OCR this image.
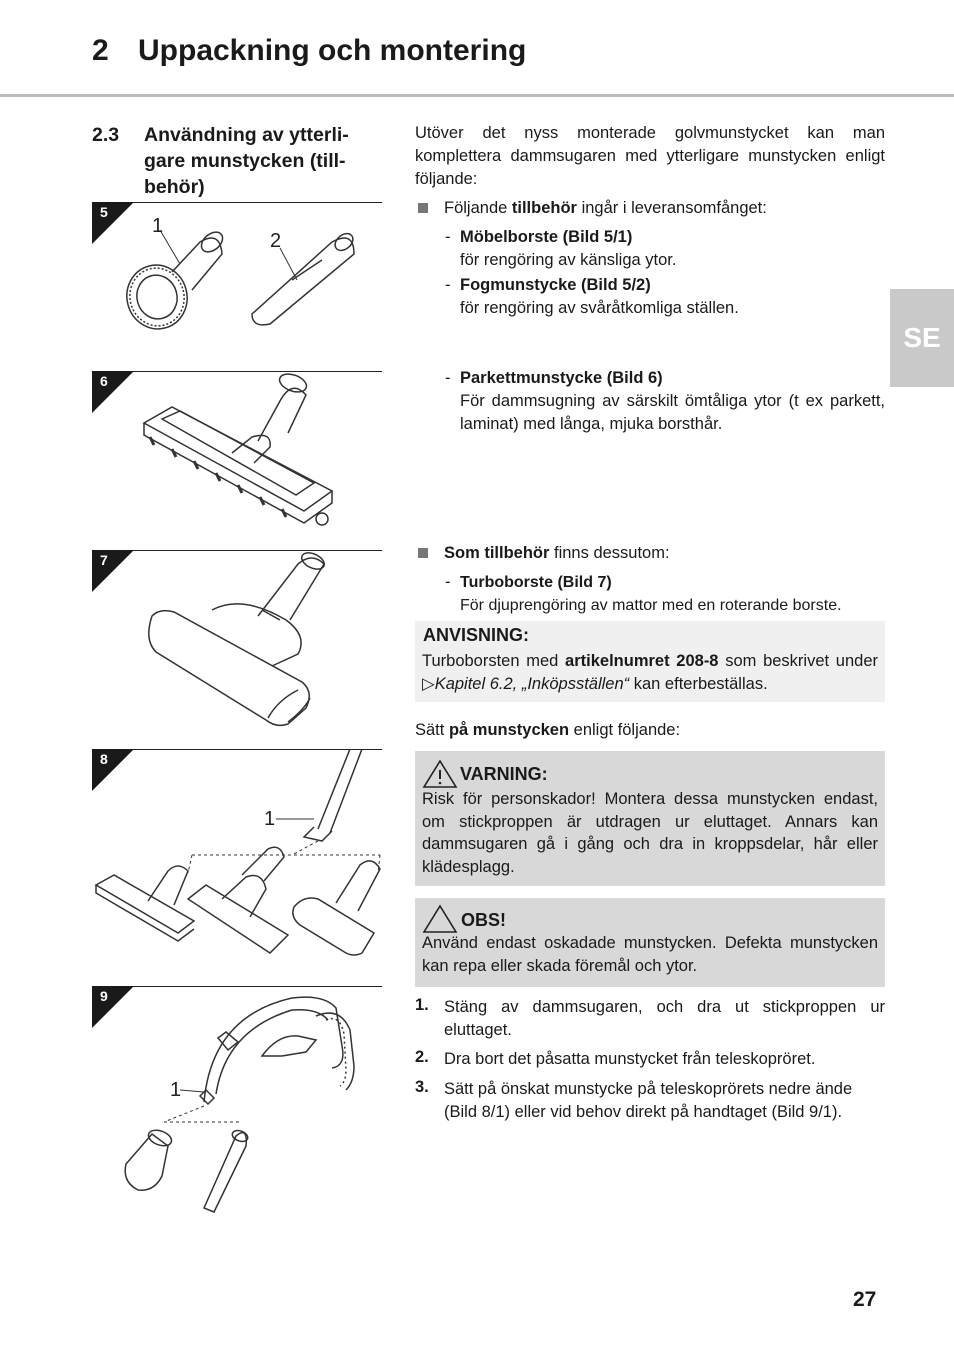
2 Uppackning och montering
SE
2.3 Användning av ytterli-
gare munstycken (till-
behör)
5
1
2
6
7
8
1
9
1
Utöver det nyss monterade golvmunstycket kan man komplettera dammsugaren med ytterligare munstycken enligt följande:
Följande tillbehör ingår i leveransomfånget:
- Möbelborste (Bild 5/1)
för rengöring av känsliga ytor.
- Fogmunstycke (Bild 5/2)
för rengöring av svåråtkomliga ställen.
- Parkettmunstycke (Bild 6)
För dammsugning av särskilt ömtåliga ytor (t ex parkett, laminat) med långa, mjuka borsthår.
Som tillbehör finns dessutom:
- Turboborste (Bild 7)
För djuprengöring av mattor med en roterande borste.
ANVISNING:
Turboborsten med artikelnumret 208-8 som beskrivet under ▷Kapitel 6.2, „Inköpsställen“ kan efterbeställas.
Sätt på munstycken enligt följande:
VARNING:
Risk för personskador! Montera dessa munstycken endast, om stickproppen är utdragen ur eluttaget. Annars kan dammsugaren gå i gång och dra in kroppsdelar, hår eller klädesplagg.
OBS!
Använd endast oskadade munstycken. Defekta munstycken kan repa eller skada föremål och ytor.
1. Stäng av dammsugaren, och dra ut stickproppen ur eluttaget.
2. Dra bort det påsatta munstycket från teleskopröret.
3. Sätt på önskat munstycke på teleskoprörets nedre ände (Bild 8/1) eller vid behov direkt på handtaget (Bild 9/1).
27
